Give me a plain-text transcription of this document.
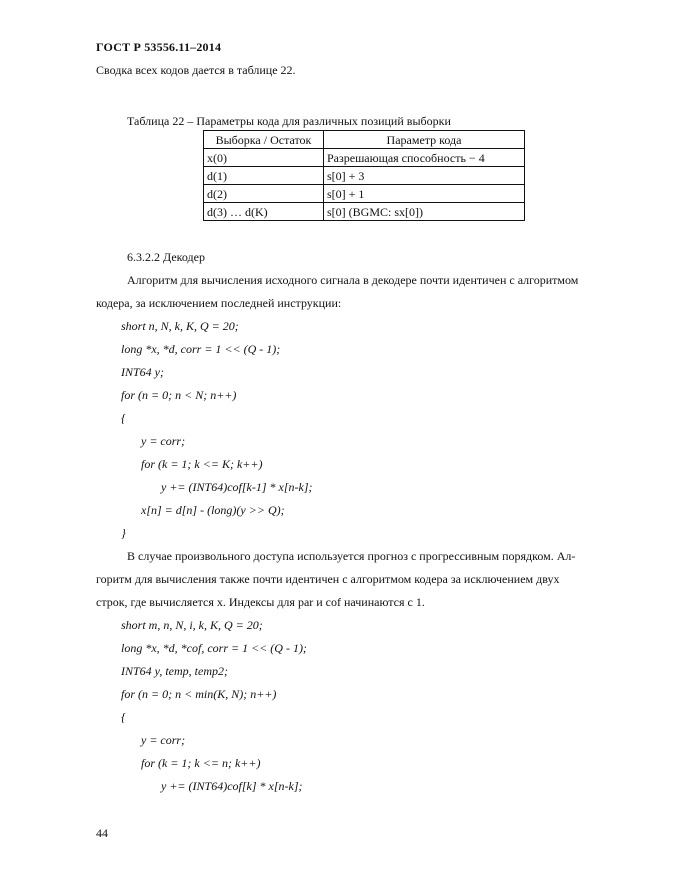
ГОСТ Р 53556.11–2014
Сводка всех кодов дается в таблице 22.
Таблица 22 – Параметры кода для различных позиций выборки
Выборка / Остаток	Параметр кода
x(0)	Разрешающая способность − 4
d(1)	s[0] + 3
d(2)	s[0] + 1
d(3) … d(K)	s[0] (BGMC: sx[0])
6.3.2.2 Декодер
Алгоритм для вычисления исходного сигнала в декодере почти идентичен с алгоритмом
кодера, за исключением последней инструкции:
short n, N, k, K, Q = 20;
long *x, *d, corr = 1 << (Q - 1);
INT64 y;
for (n = 0; n < N; n++)
{
y = corr;
for (k = 1; k <= K; k++)
y += (INT64)cof[k-1] * x[n-k];
x[n] = d[n] - (long)(y >> Q);
}
В случае произвольного доступа используется прогноз с прогрессивным порядком. Ал-
горитм для вычисления также почти идентичен с алгоритмом кодера за исключением двух
строк, где вычисляется x. Индексы для par и cof начинаются с 1.
short m, n, N, i, k, K, Q = 20;
long *x, *d, *cof, corr = 1 << (Q - 1);
INT64 y, temp, temp2;
for (n = 0; n < min(K, N); n++)
{
y = corr;
for (k = 1; k <= n; k++)
y += (INT64)cof[k] * x[n-k];
44
